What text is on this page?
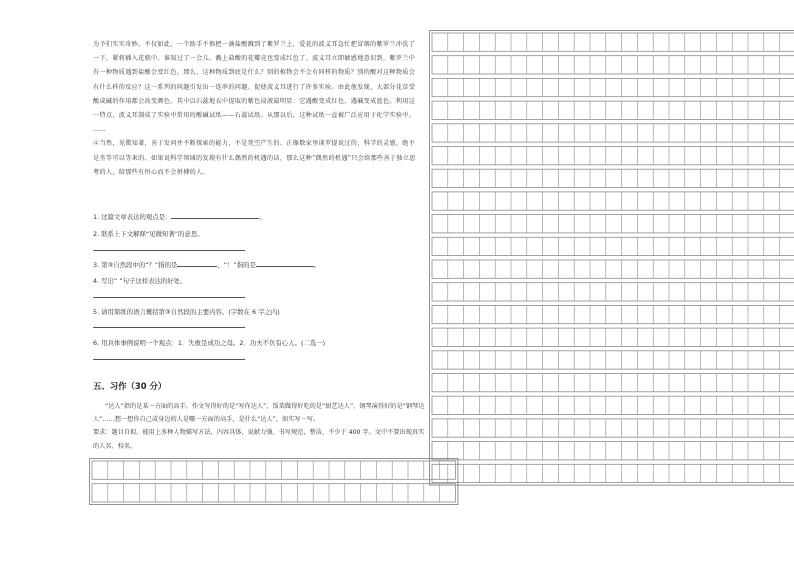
为予们实实奇妙。不仅如此，一个助手不慎把一滴盐酸溅到了紫罗兰上，爱花的波义耳急忙把冒烟的紫罗兰冲洗了一下，紧将插入花瓶中。谁知过了一会儿，溅上盐酸的花瓣竟也变成红色了。波义耳立即敏感地意识到，紫罗兰中有一种物质遇到盐酸会变红色。那么，这种物质到底是什么？别的植物会不会有同样的物质？别的酸对这种物质会有什么样的反应？这一系列的问题引发出一连串的问题。促使波义耳进行了许多实验。由此他发现，大部分花草受酸或碱的作用都会改变颜色。其中以石蕊地衣中提取的紫色浸液最明显：它遇酸变成红色，遇碱变成蓝色。利用这一特点，波义耳制成了实验中常用的酸碱试纸——石蕊试纸。从那以后，这种试纸一直被广泛应用于化学实验中。

……

④当然，见微知著，善于发问并不断探索的能力，不是凭空产生的。正像数家里谈罗提说过的，科学的灵感，绝不是坐等可以等来的。如果说科学领域的发现有什么偶然的机遇的话，那么这种“偶然的机遇”只会给那些善于独立思考的人，给那些有恒心而不会拼搏的人。

1. 这篇文章表达的观点是：	。
2. 联系上下文解释“见微知著”的意思。
3. 第③自然段中的“？”指的是	，“！”指的是	。
4. 写出“ ”句子这样表达的好处。
5. 请用简练的语言概括第③自然段的主要内容。(字数在 6 字之内)
6. 用具体事例说明一个观点：1．失败是成功之母。2．功夫不负有心人。(二选一)
五、习作（30 分）

“达人”指的是某一方面的高手。作文写得好的是“写作达人”，饭菜做得好吃的是“厨艺达人”，钢琴演得好的是“钢琴达人”……想一想你自己或身边的人是哪一方面的高手，是什么“达人”，如实写一写。

要求：题目自拟。能用上多种人物描写方法，内容具体，说献力强。书写规范，整洁，不少于 400 字。文中不要出现真实的人名、校名。
